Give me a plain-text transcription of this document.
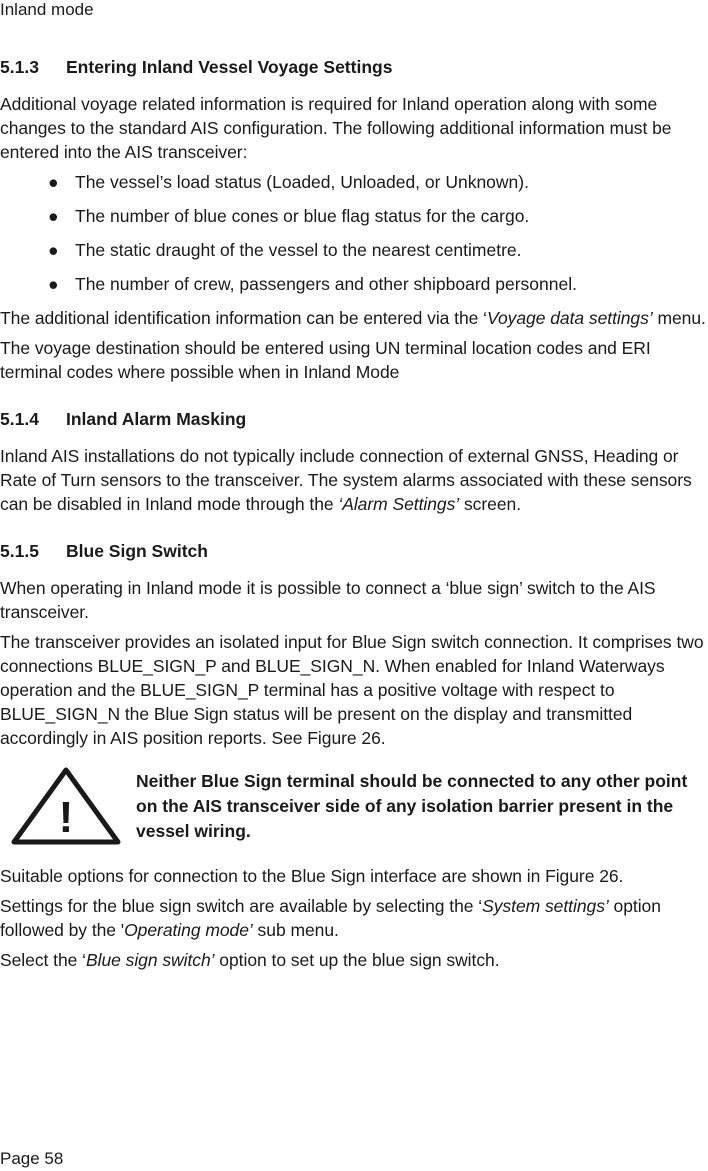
Inland mode
5.1.3	Entering Inland Vessel Voyage Settings

Additional voyage related information is required for Inland operation along with some changes to the standard AIS configuration. The following additional information must be entered into the AIS transceiver:

● The vessel’s load status (Loaded, Unloaded, or Unknown).
● The number of blue cones or blue flag status for the cargo.
● The static draught of the vessel to the nearest centimetre.
● The number of crew, passengers and other shipboard personnel.

The additional identification information can be entered via the ‘Voyage data settings’ menu.

The voyage destination should be entered using UN terminal location codes and ERI terminal codes where possible when in Inland Mode

5.1.4	Inland Alarm Masking

Inland AIS installations do not typically include connection of external GNSS, Heading or Rate of Turn sensors to the transceiver. The system alarms associated with these sensors can be disabled in Inland mode through the ‘Alarm Settings’ screen.

5.1.5	Blue Sign Switch

When operating in Inland mode it is possible to connect a ‘blue sign’ switch to the AIS transceiver.

The transceiver provides an isolated input for Blue Sign switch connection. It comprises two connections BLUE_SIGN_P and BLUE_SIGN_N. When enabled for Inland Waterways operation and the BLUE_SIGN_P terminal has a positive voltage with respect to BLUE_SIGN_N the Blue Sign status will be present on the display and transmitted accordingly in AIS position reports. See Figure 26.

!
Neither Blue Sign terminal should be connected to any other point on the AIS transceiver side of any isolation barrier present in the vessel wiring.

Suitable options for connection to the Blue Sign interface are shown in Figure 26.

Settings for the blue sign switch are available by selecting the ‘System settings’ option followed by the 'Operating mode’ sub menu.

Select the ‘Blue sign switch’ option to set up the blue sign switch.

Page 58
